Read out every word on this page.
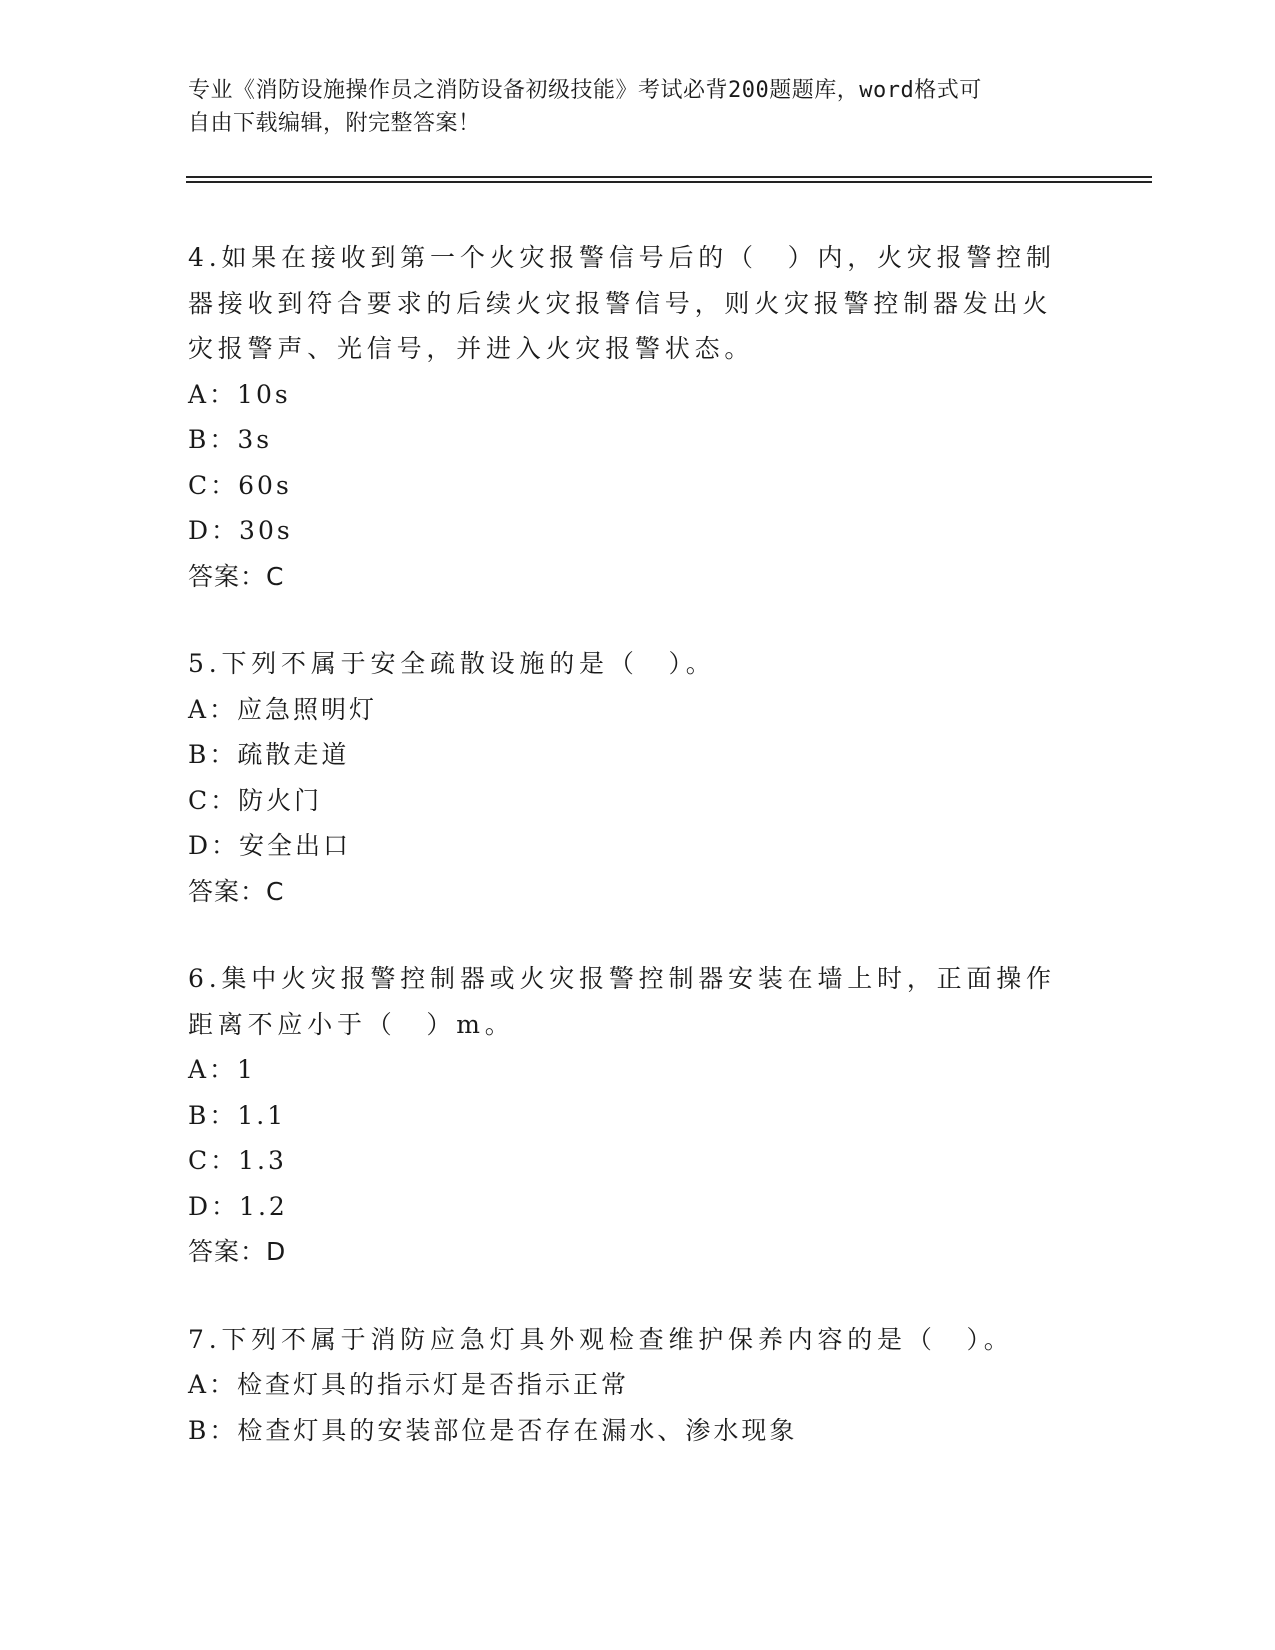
专业《消防设施操作员之消防设备初级技能》考试必背200题题库，word格式可
自由下载编辑，附完整答案！

4.如果在接收到第一个火灾报警信号后的（　）内，火灾报警控制器接收到符合要求的后续火灾报警信号，则火灾报警控制器发出火灾报警声、光信号，并进入火灾报警状态。

A：10s

B：3s

C：60s

D：30s

答案：C

5.下列不属于安全疏散设施的是（　）。

A：应急照明灯

B：疏散走道

C：防火门

D：安全出口

答案：C

6.集中火灾报警控制器或火灾报警控制器安装在墙上时，正面操作距离不应小于（　）m。

A：1

B：1.1

C：1.3

D：1.2

答案：D

7.下列不属于消防应急灯具外观检查维护保养内容的是（　）。

A：检查灯具的指示灯是否指示正常

B：检查灯具的安装部位是否存在漏水、渗水现象
